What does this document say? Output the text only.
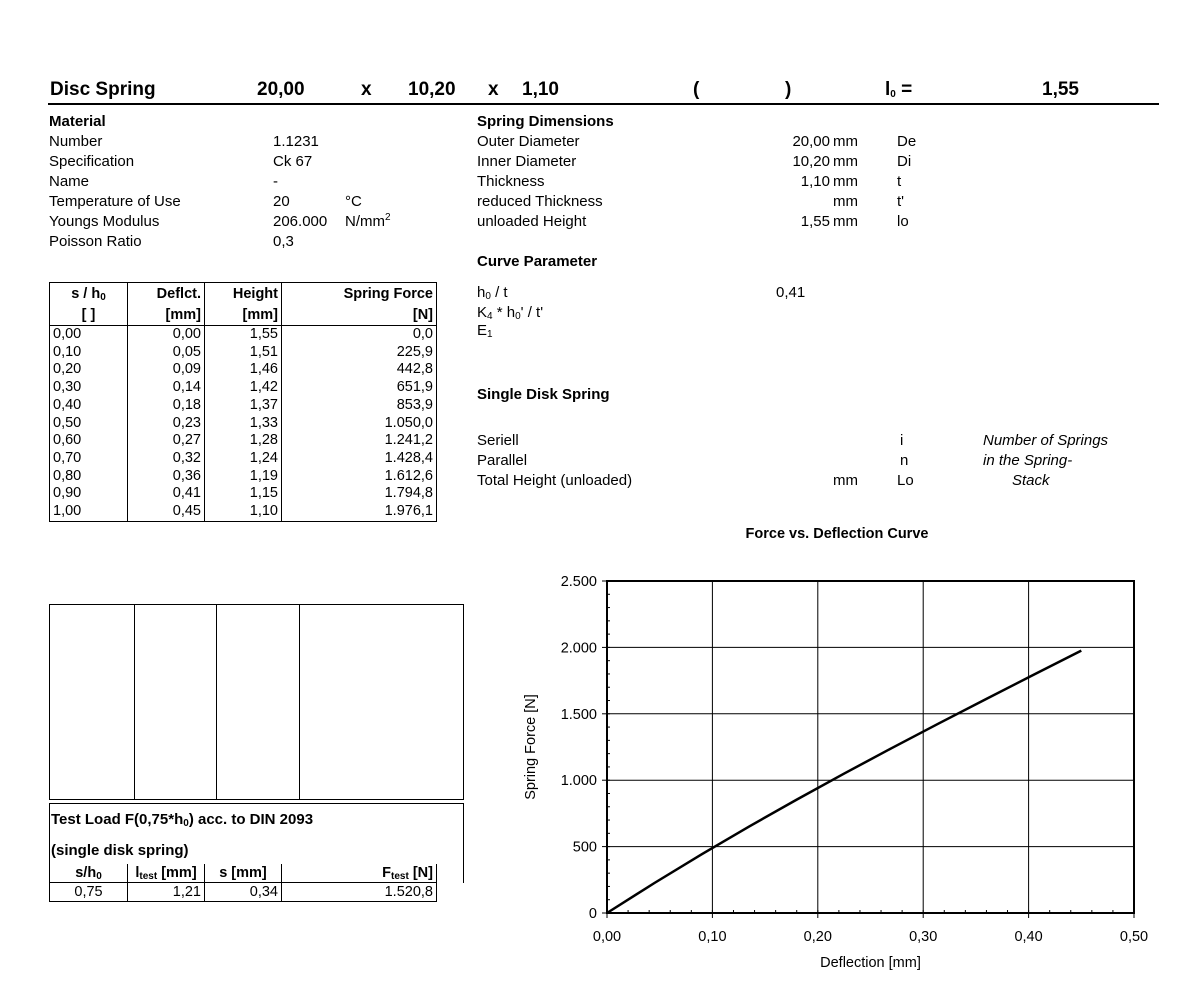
Disc Spring	20,00	x 10,20 x 1,10	(	)	$l_0$ =	1,55
Material
Number	1.1231
Specification	Ck 67
Name	-
Temperature of Use	20	°C
Youngs Modulus	206.000 $N/mm^2$
Poisson Ratio	0,3
Spring Dimensions
Outer Diameter	20,00 mm	De
Inner Diameter	10,20 mm	Di
Thickness	1,10 mm	t
reduced Thickness	mm	t'
unloaded Height	1,55 mm	lo
Curve Parameter
$h_0$ / t	0,41
$K_4 * h_0'$ / t'
$E_1$
Single Disk Spring
Seriell	i	Number of Springs
Parallel	n	in the Spring-
Total Height (unloaded)	mm	Lo	Stack
s / $h_0$	Deflct.	Height	Spring Force
[ ]	[mm]	[mm]	[N]
0,00	0,00	1,55	0,0
0,10	0,05	1,51	225,9
0,20	0,09	1,46	442,8
0,30	0,14	1,42	651,9
0,40	0,18	1,37	853,9
0,50	0,23	1,33	1.050,0
0,60	0,27	1,28	1.241,2
0,70	0,32	1,24	1.428,4
0,80	0,36	1,19	1.612,6
0,90	0,41	1,15	1.794,8
1,00	0,45	1,10	1.976,1
Test Load $F(0,75*h_0)$ acc. to DIN 2093
(single disk spring)
$s/h_0$	$l_{test}$ [mm]	s [mm]	$F_{test}$ [N]
0,75	1,21	0,34	1.520,8
Force vs. Deflection Curve
0,00	0,10	0,20	0,30	0,40	0,50
0
500
1.000
1.500
2.000
2.500
Deflection [mm]
Spring Force [N]
